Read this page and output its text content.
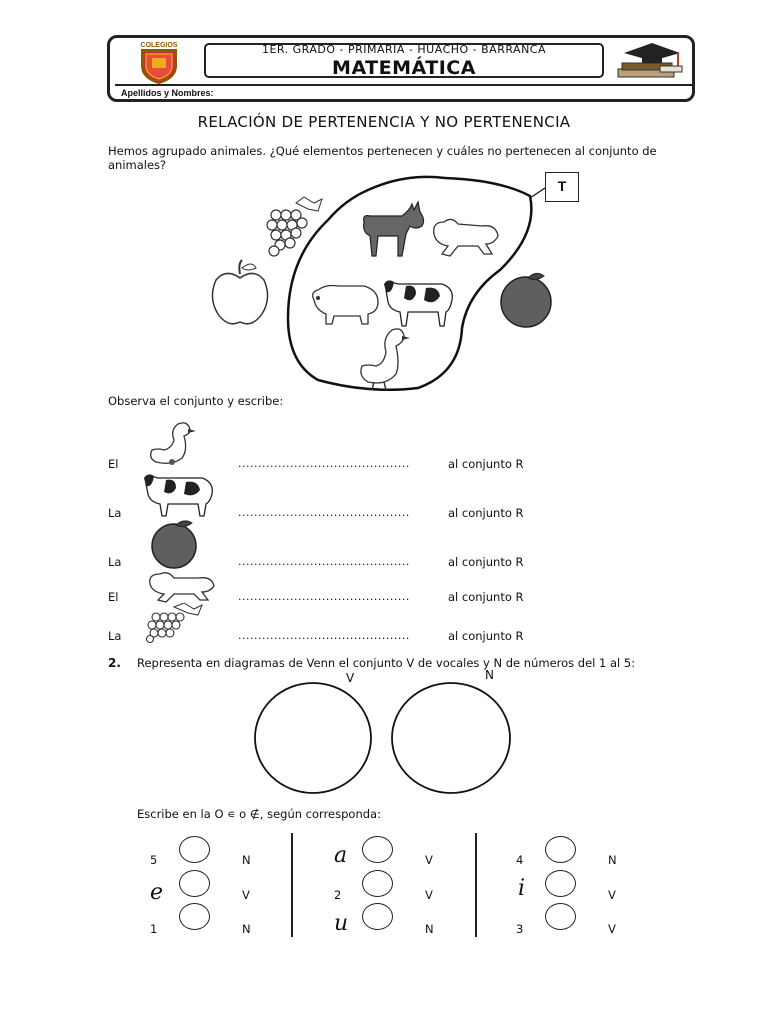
COLEGIOS	1ER. GRADO - PRIMARIA - HUACHO - BARRANCA
MATEMÁTICA
Apellidos y Nombres:
RELACIÓN DE PERTENENCIA Y NO PERTENENCIA
Hemos agrupado animales. ¿Qué elementos pertenecen y cuáles no pertenecen al conjunto de animales?
T
Observa el conjunto y escribe:
El	...........................................	al conjunto R
La	...........................................	al conjunto R
La	...........................................	al conjunto R
El	...........................................	al conjunto R
La	...........................................	al conjunto R
2. Representa en diagramas de Venn el conjunto V de vocales y N de números del 1 al 5:
V	N
Escribe en la O ∊ o ∉, según corresponda:
5	N
e	V
1	N
a	V
2	V
u	N
4	N
i	V
3	V
